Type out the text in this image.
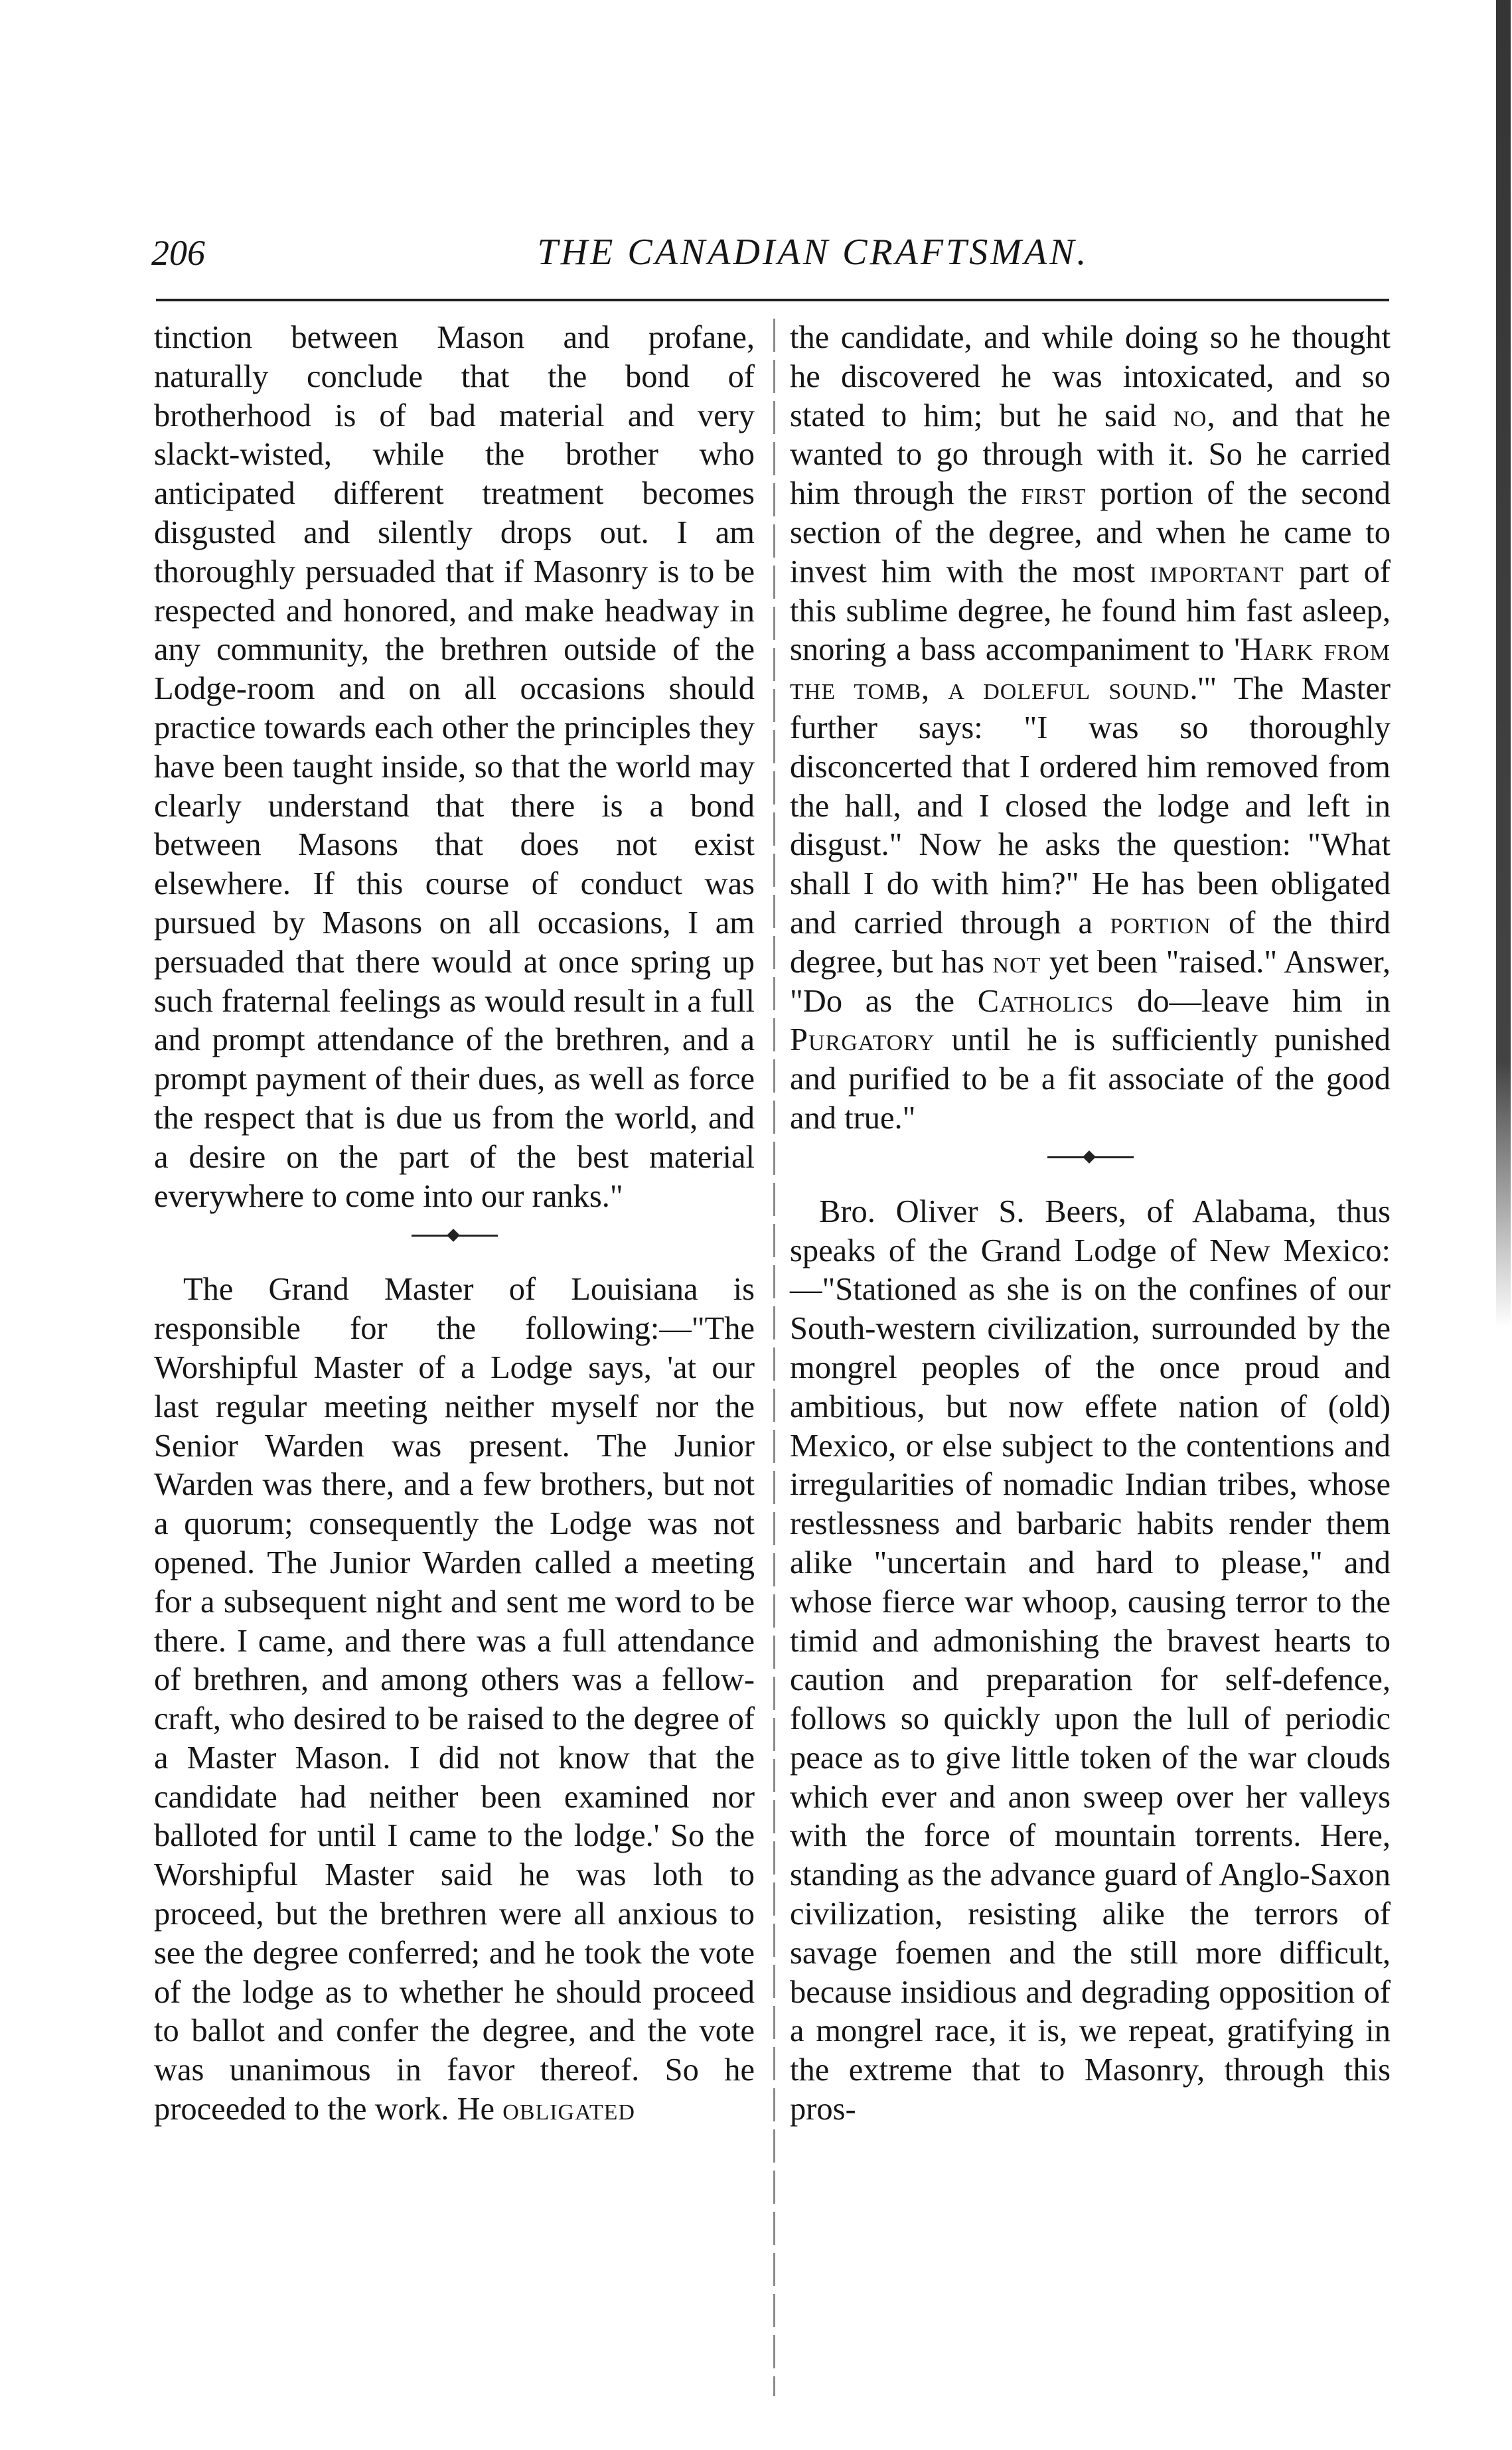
206	THE CANADIAN CRAFTSMAN.

tinction between Mason and profane, naturally conclude that the bond of brotherhood is of bad material and very slackt-wisted, while the brother who anticipated different treatment becomes disgusted and silently drops out. I am thoroughly persuaded that if Masonry is to be respected and honored, and make headway in any community, the brethren outside of the Lodge-room and on all occasions should practice towards each other the principles they have been taught inside, so that the world may clearly understand that there is a bond between Masons that does not exist elsewhere. If this course of conduct was pursued by Masons on all occasions, I am persuaded that there would at once spring up such fraternal feelings as would result in a full and prompt attendance of the brethren, and a prompt payment of their dues, as well as force the respect that is due us from the world, and a desire on the part of the best material everywhere to come into our ranks."

The Grand Master of Louisiana is responsible for the following:—"The Worshipful Master of a Lodge says, 'at our last regular meeting neither myself nor the Senior Warden was present. The Junior Warden was there, and a few brothers, but not a quorum; consequently the Lodge was not opened. The Junior Warden called a meeting for a subsequent night and sent me word to be there. I came, and there was a full attendance of brethren, and among others was a fellow-craft, who desired to be raised to the degree of a Master Mason. I did not know that the candidate had neither been examined nor balloted for until I came to the lodge.' So the Worshipful Master said he was loth to proceed, but the brethren were all anxious to see the degree conferred; and he took the vote of the lodge as to whether he should proceed to ballot and confer the degree, and the vote was unanimous in favor thereof. So he proceeded to the work. He obligated

the candidate, and while doing so he thought he discovered he was intoxicated, and so stated to him; but he said no, and that he wanted to go through with it. So he carried him through the first portion of the second section of the degree, and when he came to invest him with the most important part of this sublime degree, he found him fast asleep, snoring a bass accompaniment to 'Hark from the tomb, a doleful sound.'" The Master further says: "I was so thoroughly disconcerted that I ordered him removed from the hall, and I closed the lodge and left in disgust." Now he asks the question: "What shall I do with him?" He has been obligated and carried through a portion of the third degree, but has not yet been "raised." Answer, "Do as the Catholics do—leave him in Purgatory until he is sufficiently punished and purified to be a fit associate of the good and true."

Bro. Oliver S. Beers, of Alabama, thus speaks of the Grand Lodge of New Mexico:—"Stationed as she is on the confines of our South-western civilization, surrounded by the mongrel peoples of the once proud and ambitious, but now effete nation of (old) Mexico, or else subject to the contentions and irregularities of nomadic Indian tribes, whose restlessness and barbaric habits render them alike "uncertain and hard to please," and whose fierce war whoop, causing terror to the timid and admonishing the bravest hearts to caution and preparation for self-defence, follows so quickly upon the lull of periodic peace as to give little token of the war clouds which ever and anon sweep over her valleys with the force of mountain torrents. Here, standing as the advance guard of Anglo-Saxon civilization, resisting alike the terrors of savage foemen and the still more difficult, because insidious and degrading opposition of a mongrel race, it is, we repeat, gratifying in the extreme that to Masonry, through this pros-
